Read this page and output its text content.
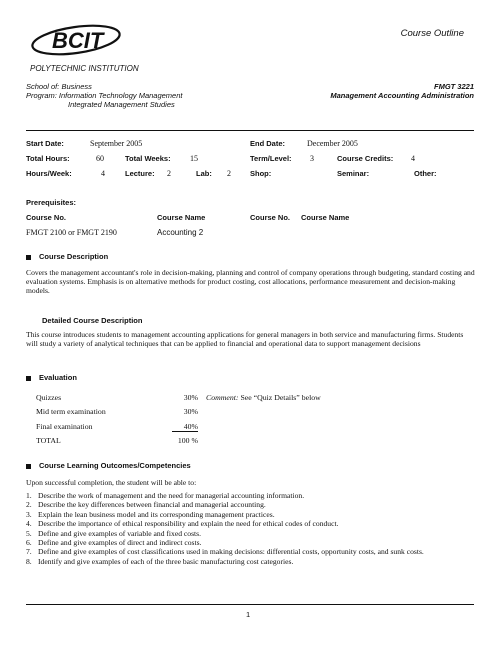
BCIT
POLYTECHNIC INSTITUTION
Course Outline
School of: Business
Program: Information Technology Management
Integrated Management Studies
FMGT 3221
Management Accounting Administration
Start Date:	September 2005	End Date:	December 2005
Total Hours:	60	Total Weeks: 15	Term/Level: 3	Course Credits: 4
Hours/Week:	4	Lecture: 2	Lab: 2	Shop:	Seminar:	Other:
Prerequisites:
Course No.	Course Name	Course No. Course Name
FMGT 2100 or FMGT 2190	Accounting 2
Course Description
Covers the management accountant's role in decision-making, planning and control of company operations through budgeting, standard costing and evaluation systems. Emphasis is on alternative methods for product costing, cost allocations, performance measurement and decision-making models.
Detailed Course Description
This course introduces students to management accounting applications for general managers in both service and manufacturing firms. Students will study a variety of analytical techniques that can be applied to financial and operational data to support management decisions
Evaluation
Quizzes	30%	Comment: See “Quiz Details” below
Mid term examination	30%	
Final examination	40%	
TOTAL	100 %	
Course Learning Outcomes/Competencies
Upon successful completion, the student will be able to:
1. Describe the work of management and the need for managerial accounting information.
2. Describe the key differences between financial and managerial accounting.
3. Explain the lean business model and its corresponding management practices.
4. Describe the importance of ethical responsibility and explain the need for ethical codes of conduct.
5. Define and give examples of variable and fixed costs.
6. Define and give examples of direct and indirect costs.
7. Define and give examples of cost classifications used in making decisions: differential costs, opportunity costs, and sunk costs.
8. Identify and give examples of each of the three basic manufacturing cost categories.
1
